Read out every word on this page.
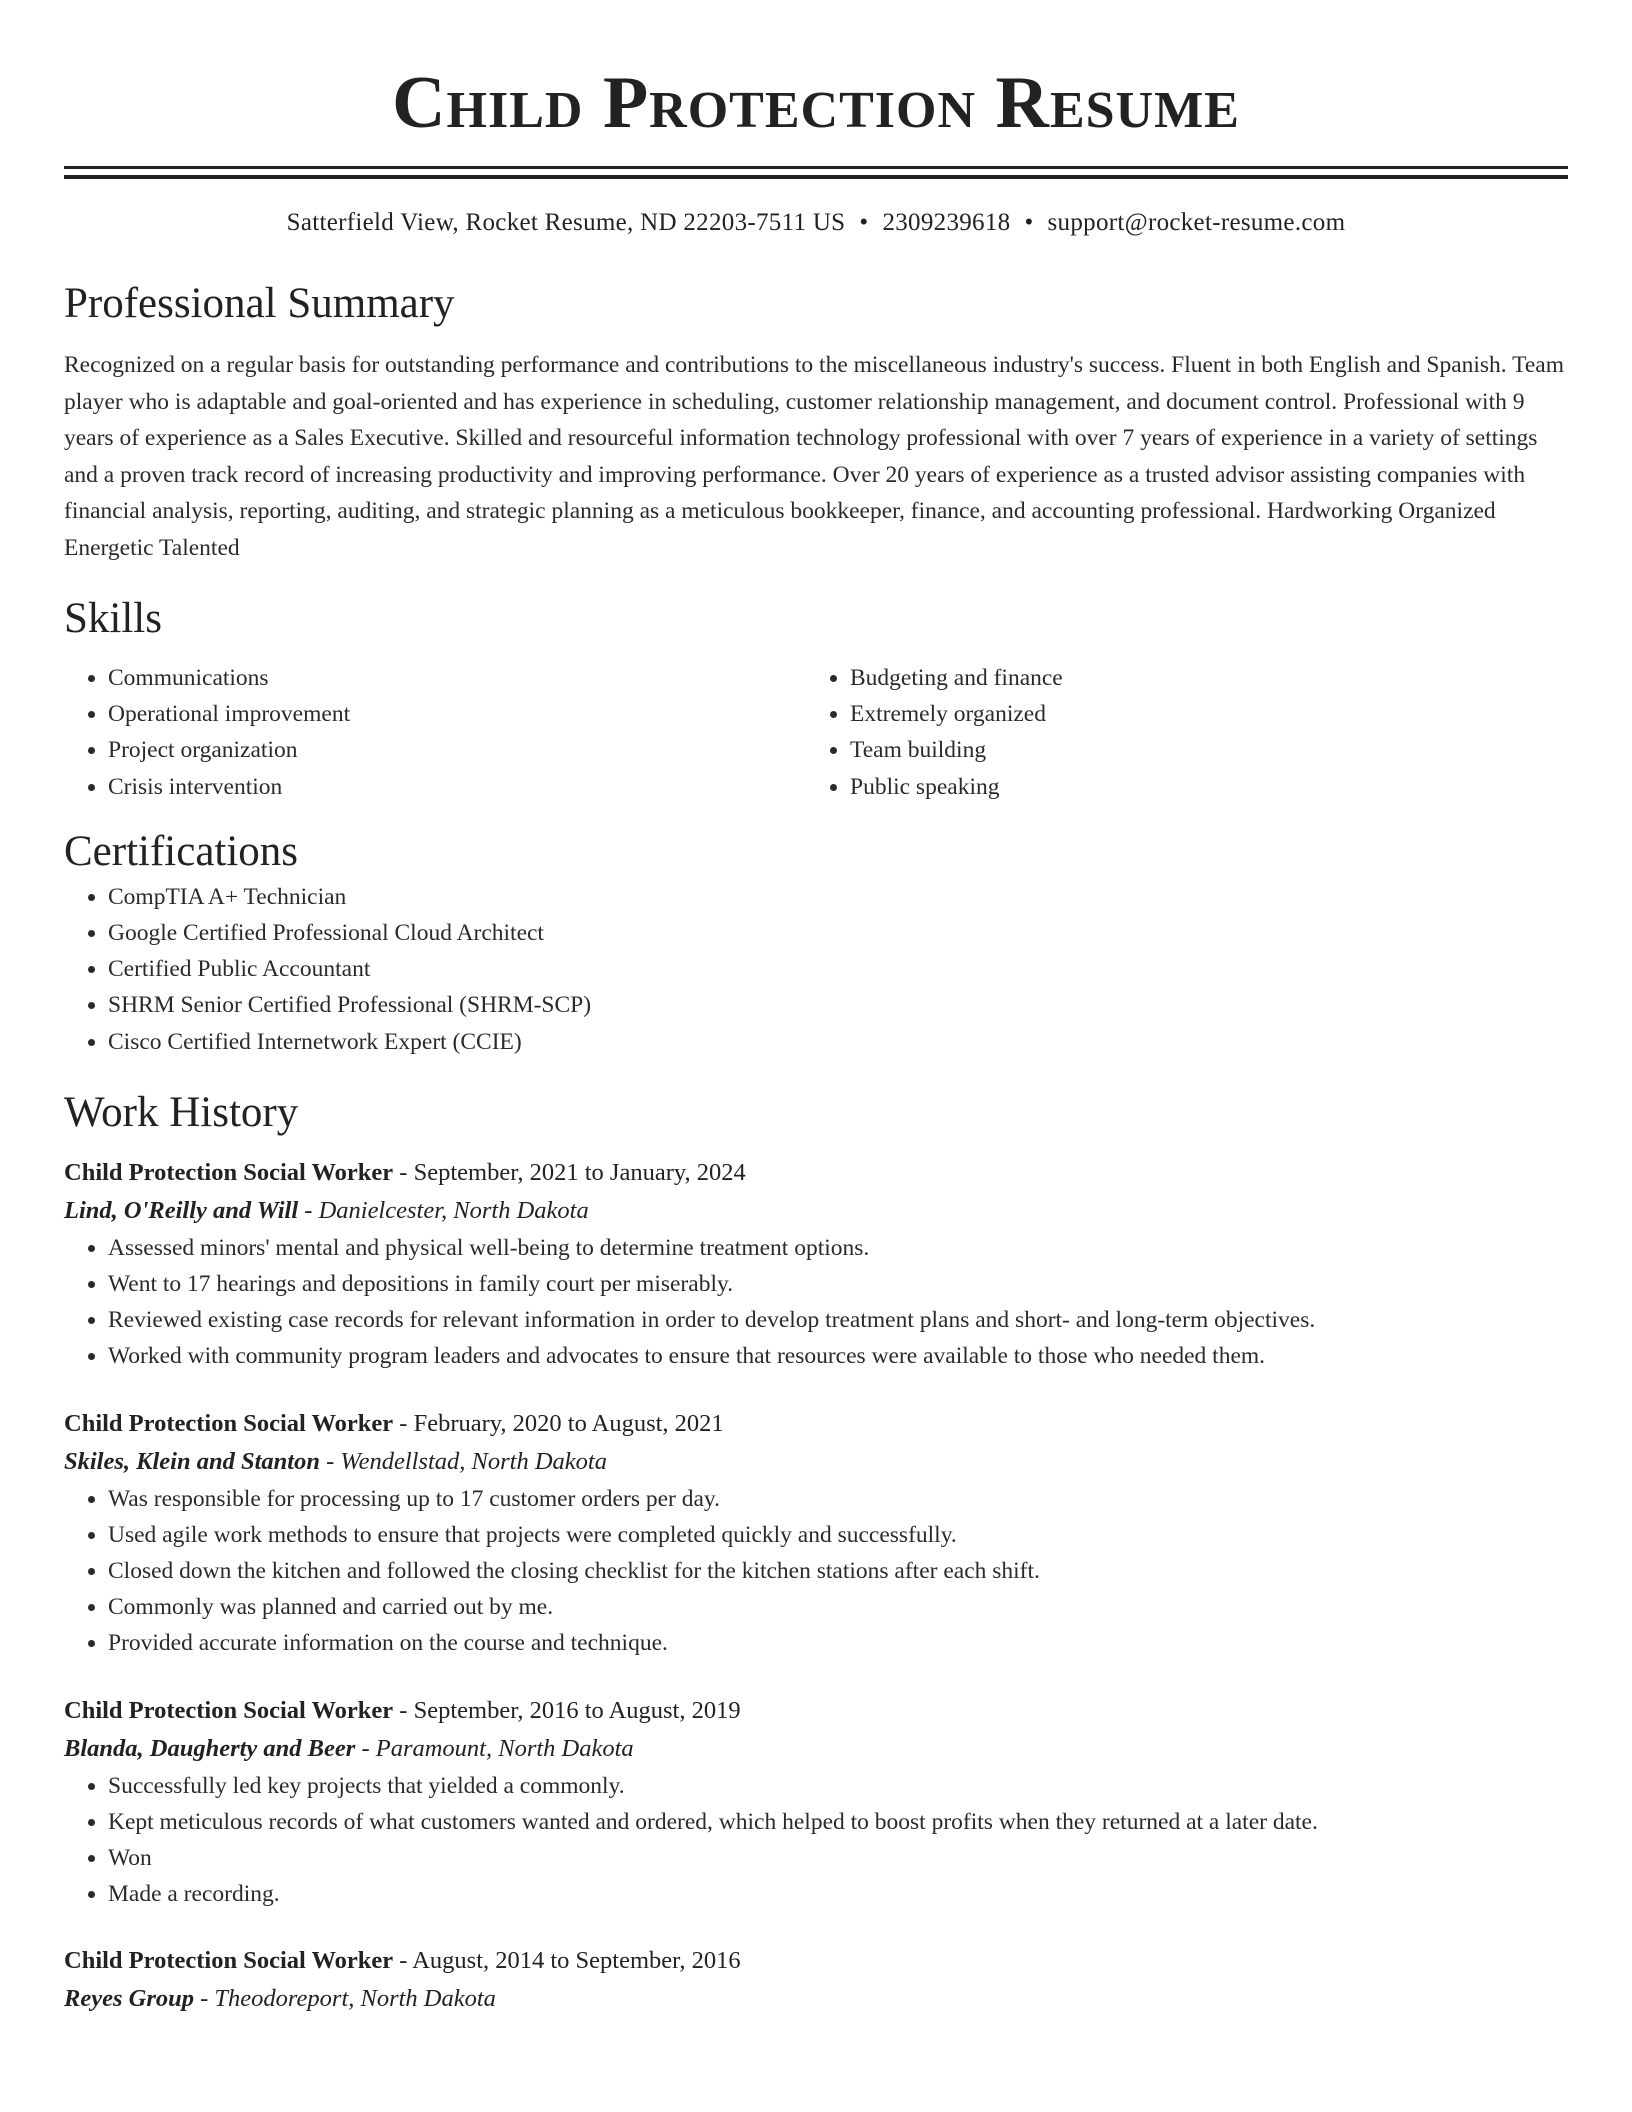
Child Protection Resume
Satterfield View, Rocket Resume, ND 22203-7511 US • 2309239618 • support@rocket-resume.com
Professional Summary

Recognized on a regular basis for outstanding performance and contributions to the miscellaneous industry's success. Fluent in both English and Spanish. Team player who is adaptable and goal-oriented and has experience in scheduling, customer relationship management, and document control. Professional with 9 years of experience as a Sales Executive. Skilled and resourceful information technology professional with over 7 years of experience in a variety of settings and a proven track record of increasing productivity and improving performance. Over 20 years of experience as a trusted advisor assisting companies with financial analysis, reporting, auditing, and strategic planning as a meticulous bookkeeper, finance, and accounting professional. Hardworking Organized Energetic Talented

Skills
• Communications
• Operational improvement
• Project organization
• Crisis intervention
• Budgeting and finance
• Extremely organized
• Team building
• Public speaking
Certifications
• CompTIA A+ Technician
• Google Certified Professional Cloud Architect
• Certified Public Accountant
• SHRM Senior Certified Professional (SHRM-SCP)
• Cisco Certified Internetwork Expert (CCIE)
Work History
Child Protection Social Worker - September, 2021 to January, 2024
Lind, O'Reilly and Will - Danielcester, North Dakota
• Assessed minors' mental and physical well-being to determine treatment options.
• Went to 17 hearings and depositions in family court per miserably.
• Reviewed existing case records for relevant information in order to develop treatment plans and short- and long-term objectives.
• Worked with community program leaders and advocates to ensure that resources were available to those who needed them.
Child Protection Social Worker - February, 2020 to August, 2021
Skiles, Klein and Stanton - Wendellstad, North Dakota
• Was responsible for processing up to 17 customer orders per day.
• Used agile work methods to ensure that projects were completed quickly and successfully.
• Closed down the kitchen and followed the closing checklist for the kitchen stations after each shift.
• Commonly was planned and carried out by me.
• Provided accurate information on the course and technique.
Child Protection Social Worker - September, 2016 to August, 2019
Blanda, Daugherty and Beer - Paramount, North Dakota
• Successfully led key projects that yielded a commonly.
• Kept meticulous records of what customers wanted and ordered, which helped to boost profits when they returned at a later date.
• Won
• Made a recording.
Child Protection Social Worker - August, 2014 to September, 2016
Reyes Group - Theodoreport, North Dakota
